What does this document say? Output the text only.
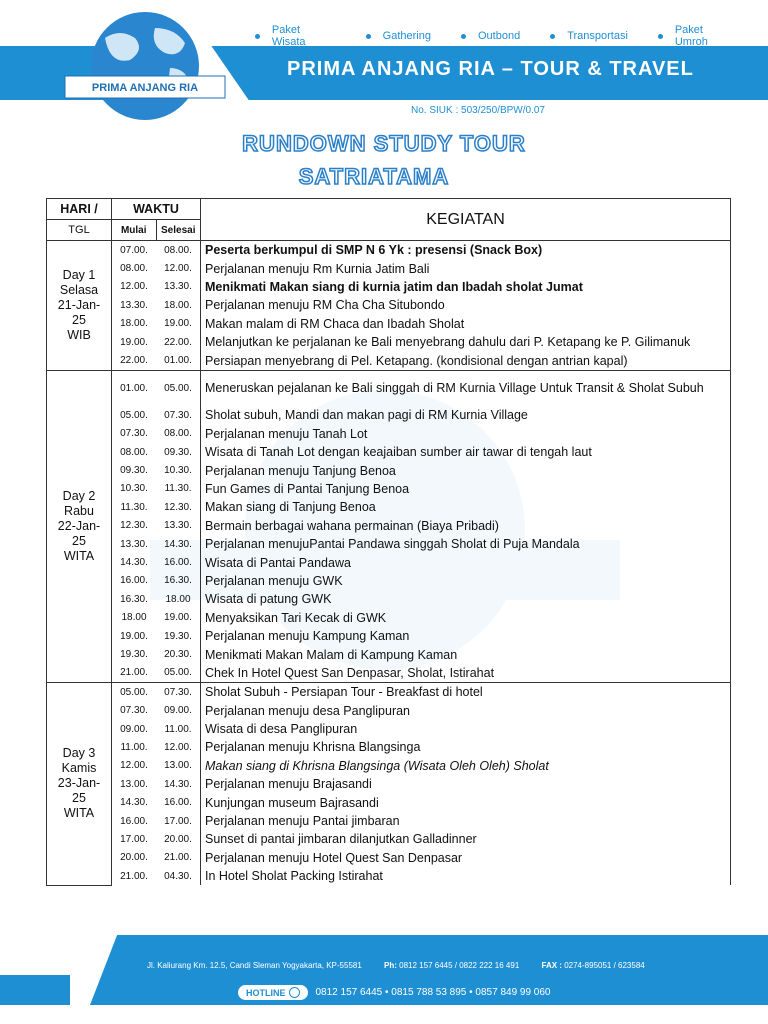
PRIMA ANJANG RIA
Paket Wisata	Gathering	Outbond	Transportasi	Paket Umroh
PRIMA ANJANG RIA – TOUR & TRAVEL
No. SIUK : 503/250/BPW/0.07
RUNDOWN STUDY TOUR
SATRIATAMA
HARI /	WAKTU		KEGIATAN
TGL	Mulai	Selesai	

Day 1
Selasa
21-Jan-25
WIB	07.00.	08.00.	Peserta berkumpul di SMP N 6 Yk : presensi (Snack Box)
	08.00.	12.00.	Perjalanan menuju Rm Kurnia Jatim Bali
	12.00.	13.30.	Menikmati Makan siang di kurnia jatim dan Ibadah sholat Jumat
	13.30.	18.00.	Perjalanan menuju RM Cha Cha Situbondo
	18.00.	19.00.	Makan malam di RM Chaca dan Ibadah Sholat
	19.00.	22.00.	Melanjutkan ke perjalanan ke Bali menyebrang dahulu dari P. Ketapang ke P. Gilimanuk
	22.00.	01.00.	Persiapan menyebrang di Pel. Ketapang. (kondisional dengan antrian kapal)

Day 2
Rabu
22-Jan-25
WITA	01.00.	05.00.	Meneruskan pejalanan ke Bali singgah di RM Kurnia Village Untuk Transit & Sholat Subuh
	05.00.	07.30.	Sholat subuh, Mandi dan makan pagi di RM Kurnia Village
	07.30.	08.00.	Perjalanan menuju Tanah Lot
	08.00.	09.30.	Wisata di Tanah Lot dengan keajaiban sumber air tawar di tengah laut
	09.30.	10.30.	Perjalanan menuju Tanjung Benoa
	10.30.	11.30.	Fun Games di Pantai Tanjung Benoa
	11.30.	12.30.	Makan siang di Tanjung Benoa
	12.30.	13.30.	Bermain berbagai wahana permainan (Biaya Pribadi)
	13.30.	14.30.	Perjalanan menujuPantai Pandawa singgah Sholat di Puja Mandala
	14.30.	16.00.	Wisata di Pantai Pandawa
	16.00.	16.30.	Perjalanan menuju GWK
	16.30.	18.00	Wisata di patung GWK
	18.00	19.00.	Menyaksikan Tari Kecak di GWK
	19.00.	19.30.	Perjalanan menuju Kampung Kaman
	19.30.	20.30.	Menikmati Makan Malam di Kampung Kaman
	21.00.	05.00.	Chek In Hotel Quest San Denpasar, Sholat, Istirahat

Day 3
Kamis
23-Jan-25
WITA	05.00.	07.30.	Sholat Subuh - Persiapan Tour - Breakfast di hotel
	07.30.	09.00.	Perjalanan menuju desa Panglipuran
	09.00.	11.00.	Wisata di desa Panglipuran
	11.00.	12.00.	Perjalanan menuju Khrisna Blangsinga
	12.00.	13.00.	Makan siang di Khrisna Blangsinga (Wisata Oleh Oleh) Sholat
	13.00.	14.30.	Perjalanan menuju Brajasandi
	14.30.	16.00.	Kunjungan museum Bajrasandi
	16.00.	17.00.	Perjalanan menuju Pantai jimbaran
	17.00.	20.00.	Sunset di pantai jimbaran dilanjutkan Galladinner
	20.00.	21.00.	Perjalanan menuju Hotel Quest San Denpasar
	21.00.	04.30.	In Hotel Sholat Packing Istirahat
Jl. Kaliurang Km. 12.5, Candi Sleman Yogyakarta, KP-55581	Ph: 0812 157 6445 / 0822 222 16 491	FAX : 0274-895051 / 623584
HOTLINE	0812 157 6445 • 0815 788 53 895 • 0857 849 99 060
